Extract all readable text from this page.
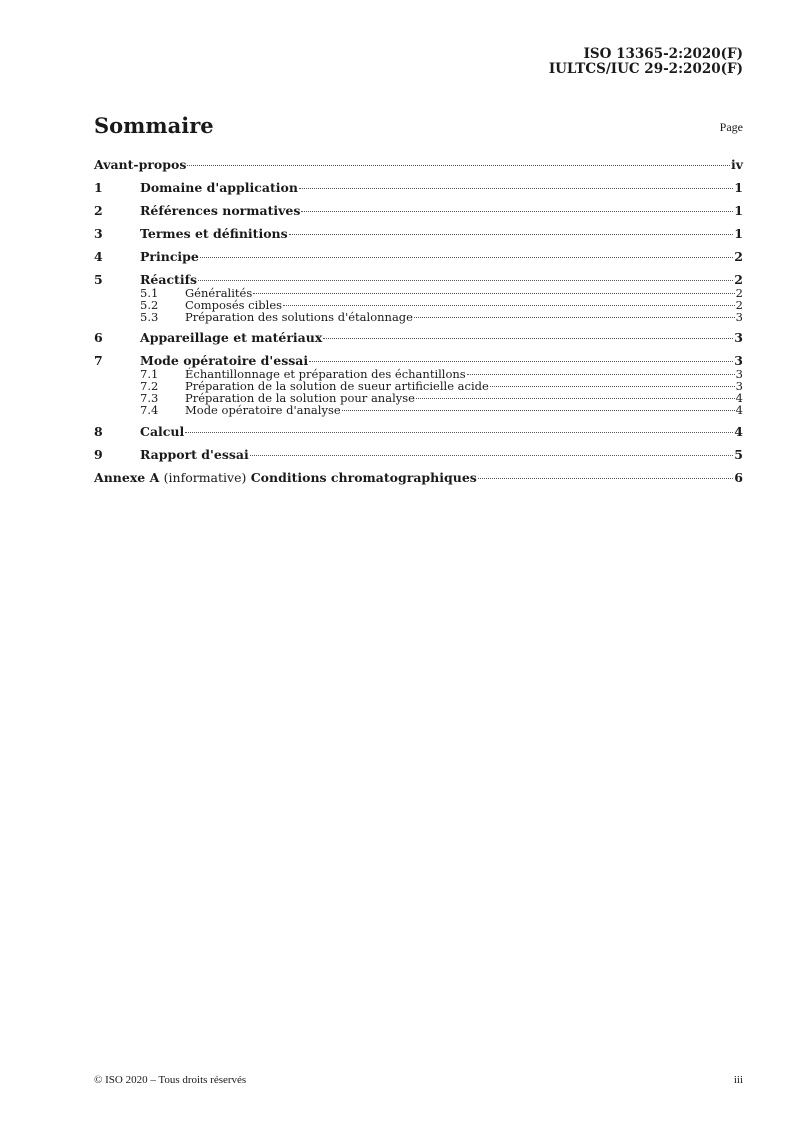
ISO 13365-2:2020(F)
IULTCS/IUC 29-2:2020(F)
Sommaire	Page
Avant-propos	iv
1	Domaine d'application	1
2	Références normatives	1
3	Termes et définitions	1
4	Principe	2
5	Réactifs	2
5.1	Généralités	2
5.2	Composés cibles	2
5.3	Préparation des solutions d'étalonnage	3
6	Appareillage et matériaux	3
7	Mode opératoire d'essai	3
7.1	Échantillonnage et préparation des échantillons	3
7.2	Préparation de la solution de sueur artificielle acide	3
7.3	Préparation de la solution pour analyse	4
7.4	Mode opératoire d'analyse	4
8	Calcul	4
9	Rapport d'essai	5
Annexe A (informative) Conditions chromatographiques	6
© ISO 2020 – Tous droits réservés	iii
